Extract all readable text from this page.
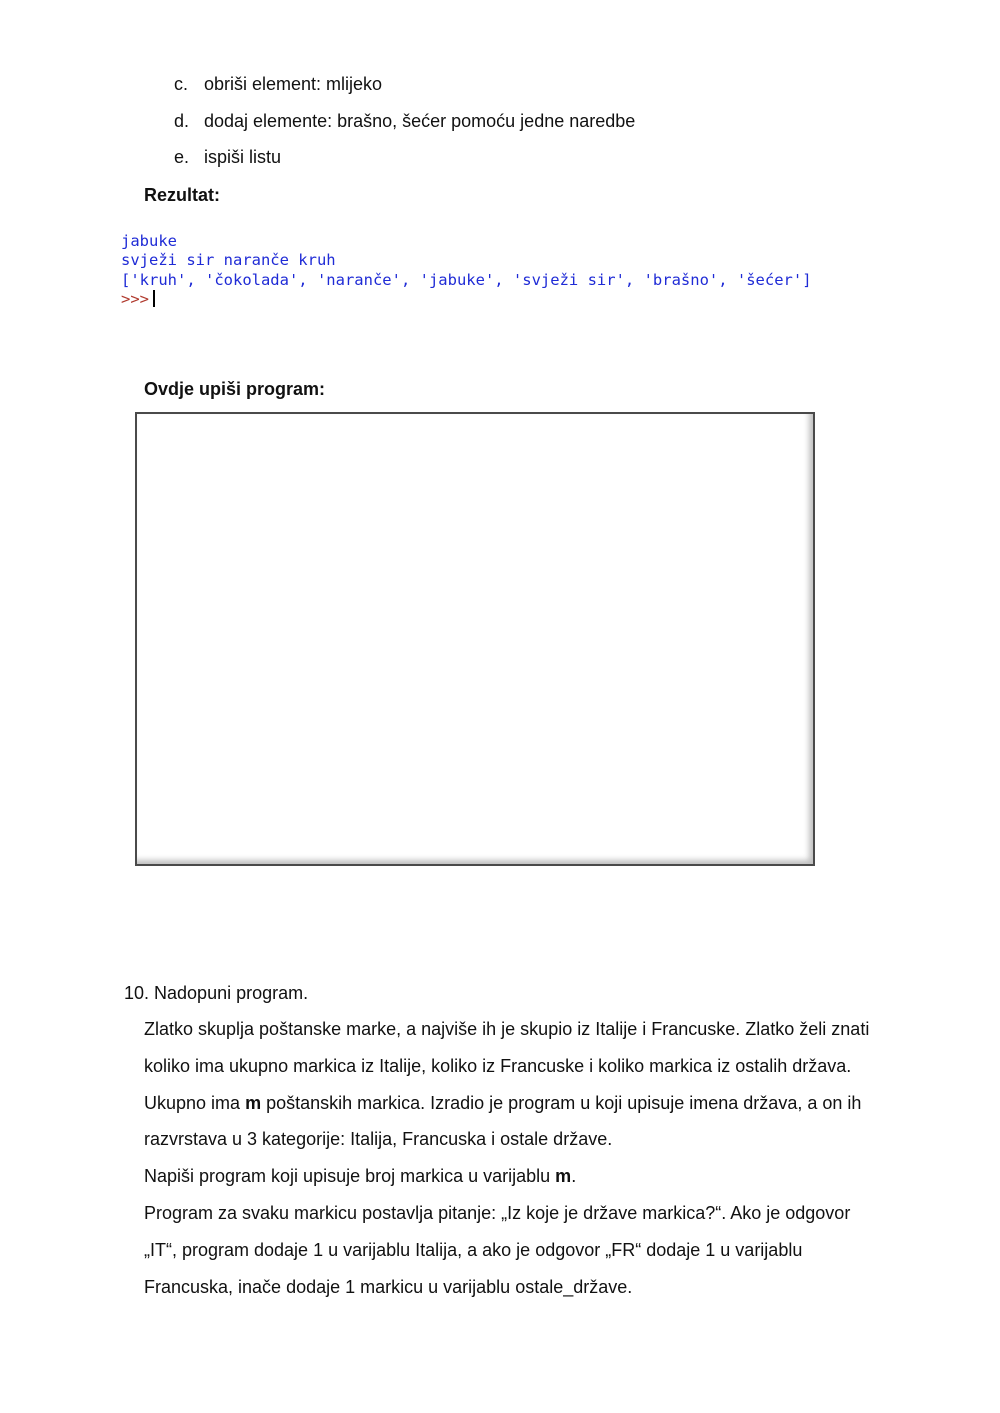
c. obriši element: mlijeko
d. dodaj elemente: brašno, šećer pomoću jedne naredbe
e. ispiši listu
Rezultat:
jabuke
svježi sir naranče kruh
['kruh', 'čokolada', 'naranče', 'jabuke', 'svježi sir', 'brašno', 'šećer']
>>>
Ovdje upiši program:
10. Nadopuni program.
Zlatko skuplja poštanske marke, a najviše ih je skupio iz Italije i Francuske. Zlatko želi znati
koliko ima ukupno markica iz Italije, koliko iz Francuske i koliko markica iz ostalih država.
Ukupno ima m poštanskih markica. Izradio je program u koji upisuje imena država, a on ih
razvrstava u 3 kategorije: Italija, Francuska i ostale države.
Napiši program koji upisuje broj markica u varijablu m.
Program za svaku markicu postavlja pitanje: „Iz koje je države markica?“. Ako je odgovor
„IT“, program dodaje 1 u varijablu Italija, a ako je odgovor „FR“ dodaje 1 u varijablu
Francuska, inače dodaje 1 markicu u varijablu ostale_države.
